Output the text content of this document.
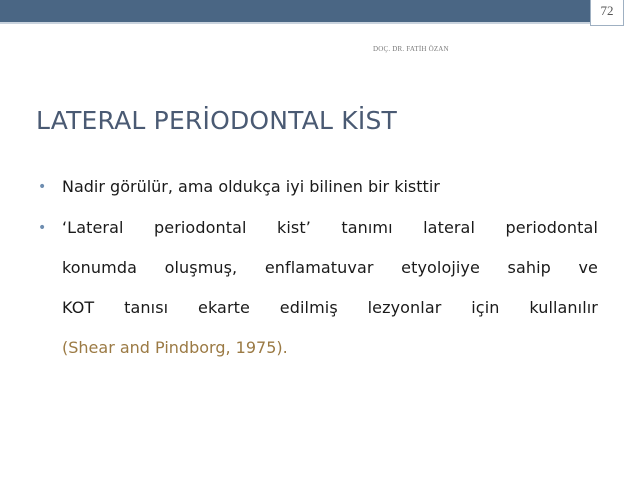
72
DOÇ. DR. FATİH ÖZAN
LATERAL PERİODONTAL KİST
• Nadir görülür, ama oldukça iyi bilinen bir kisttir
• ‘Lateral periodontal kist’ tanımı lateral periodontal
konumda oluşmuş, enflamatuvar etyolojiye sahip ve
KOT tanısı ekarte edilmiş lezyonlar için kullanılır
(Shear and Pindborg, 1975).
